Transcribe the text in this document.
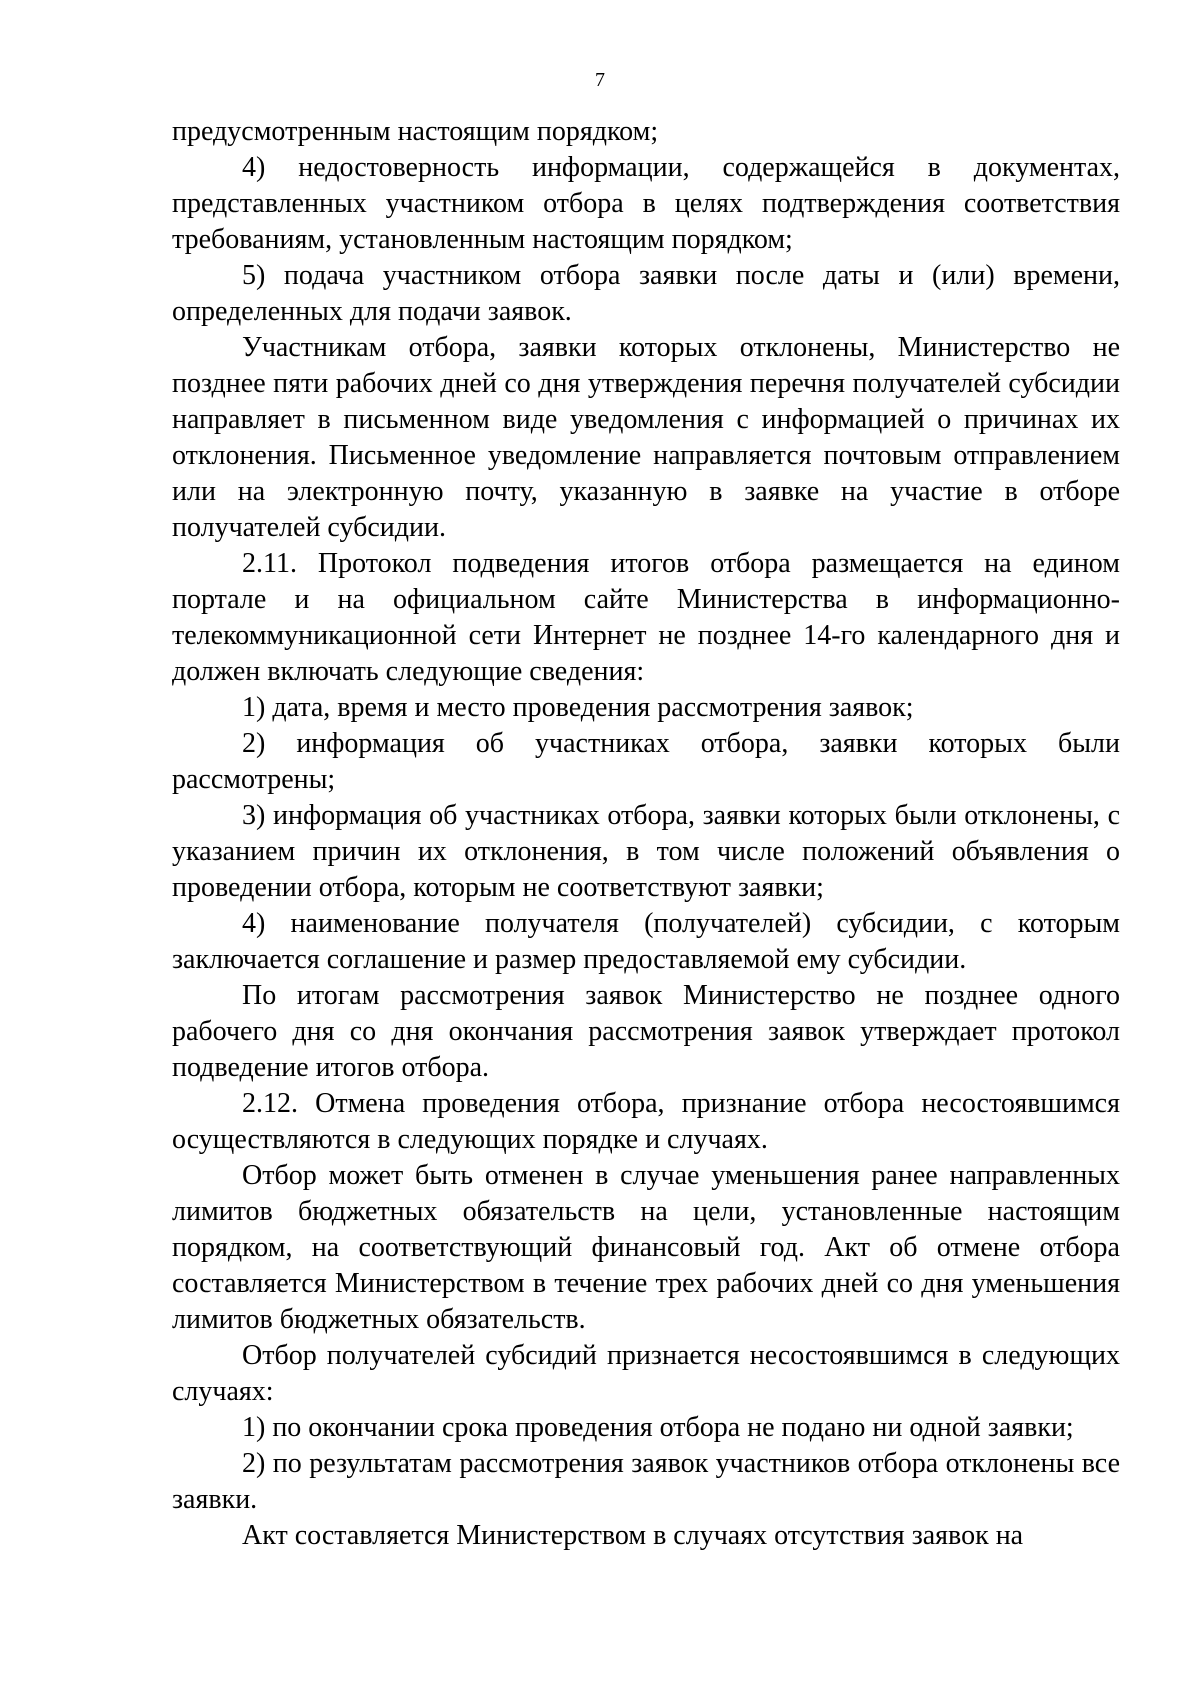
7

предусмотренным настоящим порядком;

4) недостоверность информации, содержащейся в документах, представленных участником отбора в целях подтверждения соответствия требованиям, установленным настоящим порядком;

5) подача участником отбора заявки после даты и (или) времени, определенных для подачи заявок.

Участникам отбора, заявки которых отклонены, Министерство не позднее пяти рабочих дней со дня утверждения перечня получателей субсидии направляет в письменном виде уведомления с информацией о причинах их отклонения. Письменное уведомление направляется почтовым отправлением или на электронную почту, указанную в заявке на участие в отборе получателей субсидии.

2.11. Протокол подведения итогов отбора размещается на едином портале и на официальном сайте Министерства в информационно-телекоммуникационной сети Интернет не позднее 14-го календарного дня и должен включать следующие сведения:

1) дата, время и место проведения рассмотрения заявок;

2) информация об участниках отбора, заявки которых были рассмотрены;

3) информация об участниках отбора, заявки которых были отклонены, с указанием причин их отклонения, в том числе положений объявления о проведении отбора, которым не соответствуют заявки;

4) наименование получателя (получателей) субсидии, с которым заключается соглашение и размер предоставляемой ему субсидии.

По итогам рассмотрения заявок Министерство не позднее одного рабочего дня со дня окончания рассмотрения заявок утверждает протокол подведение итогов отбора.

2.12. Отмена проведения отбора, признание отбора несостоявшимся осуществляются в следующих порядке и случаях.

Отбор может быть отменен в случае уменьшения ранее направленных лимитов бюджетных обязательств на цели, установленные настоящим порядком, на соответствующий финансовый год. Акт об отмене отбора составляется Министерством в течение трех рабочих дней со дня уменьшения лимитов бюджетных обязательств.

Отбор получателей субсидий признается несостоявшимся в следующих случаях:

1) по окончании срока проведения отбора не подано ни одной заявки;

2) по результатам рассмотрения заявок участников отбора отклонены все заявки.

Акт составляется Министерством в случаях отсутствия заявок на
